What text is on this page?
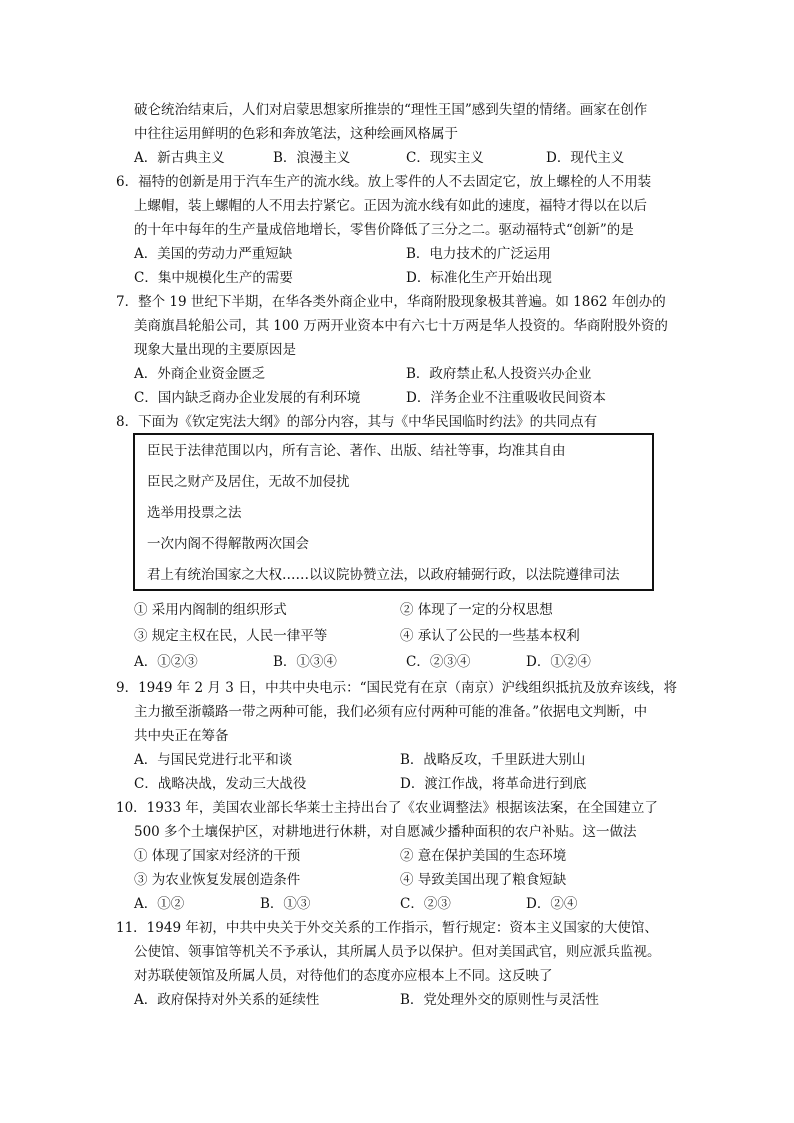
破仑统治结束后，人们对启蒙思想家所推崇的“理性王国”感到失望的情绪。画家在创作
中往往运用鲜明的色彩和奔放笔法，这种绘画风格属于
A．新古典主义	B．浪漫主义	C．现实主义	D．现代主义
6．福特的创新是用于汽车生产的流水线。放上零件的人不去固定它，放上螺栓的人不用装
上螺帽，装上螺帽的人不用去拧紧它。正因为流水线有如此的速度，福特才得以在以后
的十年中每年的生产量成倍地增长，零售价降低了三分之二。驱动福特式“创新”的是
A．美国的劳动力严重短缺	B．电力技术的广泛运用
C．集中规模化生产的需要	D．标准化生产开始出现
7．整个 19 世纪下半期，在华各类外商企业中，华商附股现象极其普遍。如 1862 年创办的
美商旗昌轮船公司，其 100 万两开业资本中有六七十万两是华人投资的。华商附股外资的
现象大量出现的主要原因是
A．外商企业资金匮乏	B．政府禁止私人投资兴办企业
C．国内缺乏商办企业发展的有利环境	D．洋务企业不注重吸收民间资本
8．下面为《钦定宪法大纲》的部分内容，其与《中华民国临时约法》的共同点有
臣民于法律范围以内，所有言论、著作、出版、结社等事，均准其自由
臣民之财产及居住，无故不加侵扰
选举用投票之法
一次内阁不得解散两次国会
君上有统治国家之大权……以议院协赞立法，以政府辅弼行政，以法院遵律司法
① 采用内阁制的组织形式	② 体现了一定的分权思想
③ 规定主权在民，人民一律平等	④ 承认了公民的一些基本权利
A．①②③	B．①③④	C．②③④	D．①②④
9．1949 年 2 月 3 日，中共中央电示：“国民党有在京（南京）沪线组织抵抗及放弃该线，将
主力撤至浙赣路一带之两种可能，我们必须有应付两种可能的准备。”依据电文判断，中
共中央正在筹备
A．与国民党进行北平和谈	B．战略反攻，千里跃进大别山
C．战略决战，发动三大战役	D．渡江作战，将革命进行到底
10．1933 年，美国农业部长华莱士主持出台了《农业调整法》根据该法案，在全国建立了
500 多个土壤保护区，对耕地进行休耕，对自愿减少播种面积的农户补贴。这一做法
① 体现了国家对经济的干预	② 意在保护美国的生态环境
③ 为农业恢复发展创造条件	④ 导致美国出现了粮食短缺
A．①②	B．①③	C．②③	D．②④
11．1949 年初，中共中央关于外交关系的工作指示，暂行规定：资本主义国家的大使馆、
公使馆、领事馆等机关不予承认，其所属人员予以保护。但对美国武官，则应派兵监视。
对苏联使领馆及所属人员，对待他们的态度亦应根本上不同。这反映了
A．政府保持对外关系的延续性	B．党处理外交的原则性与灵活性
